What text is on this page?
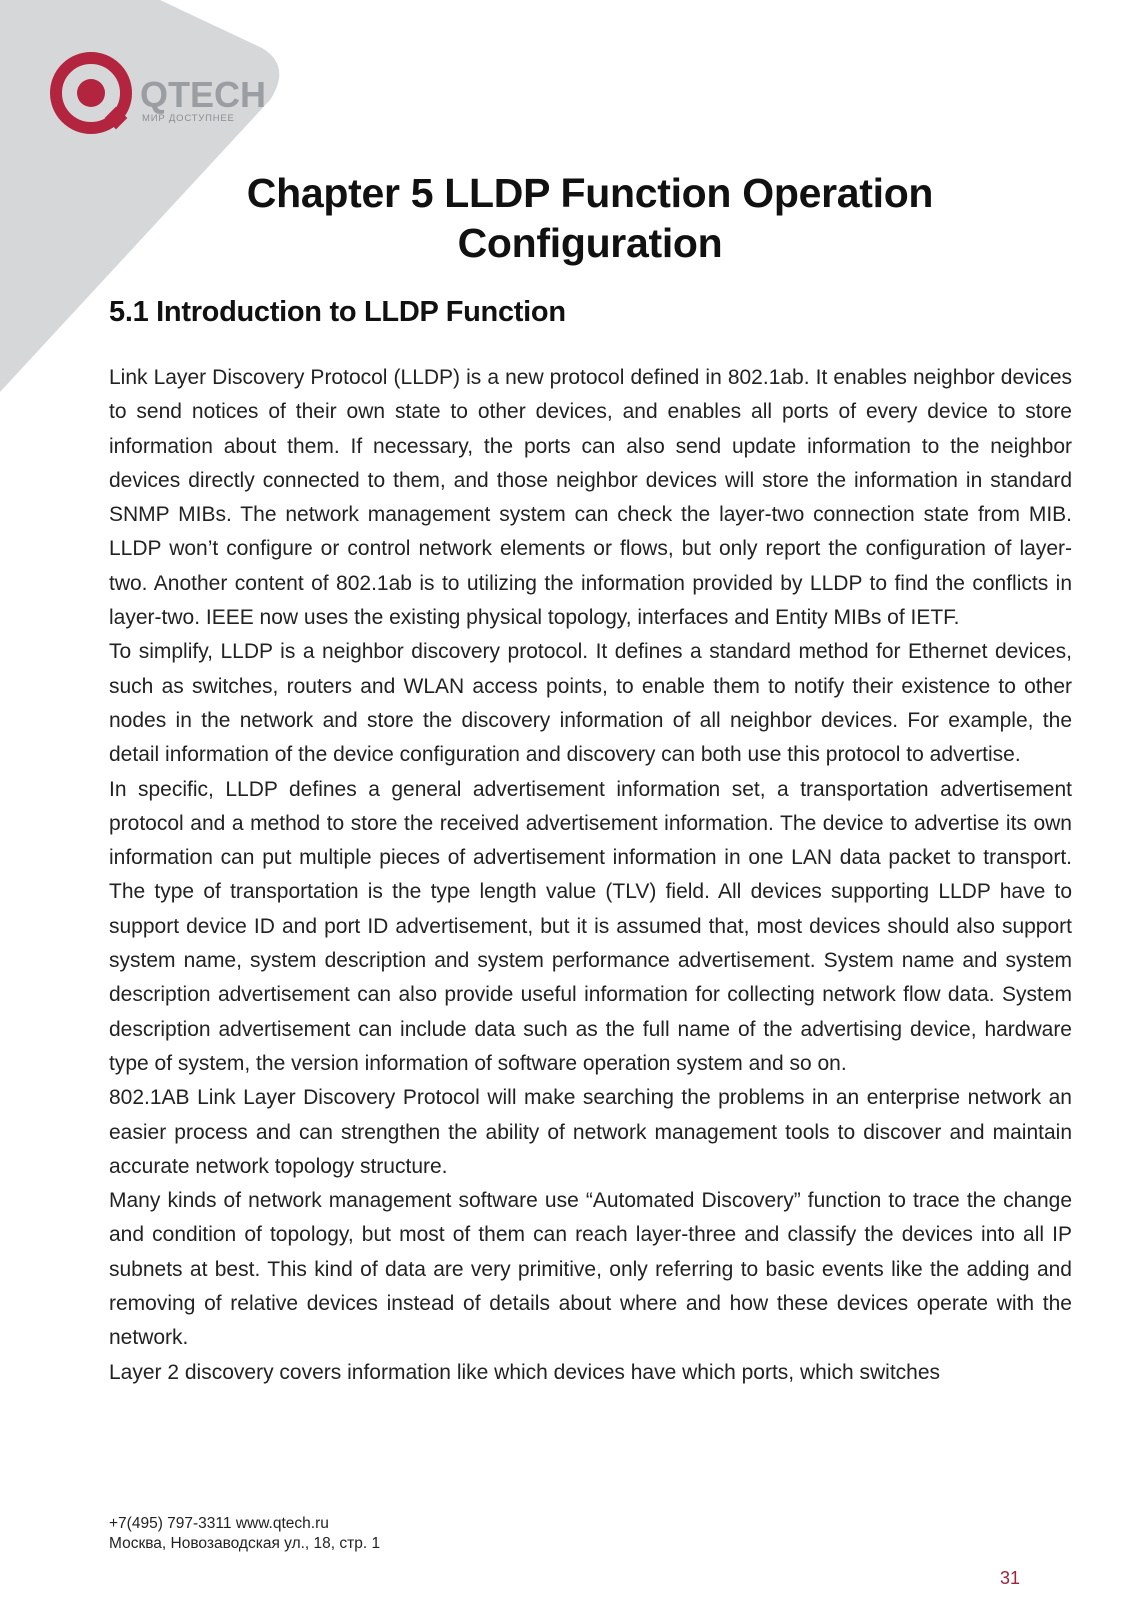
QTECH
МИР ДОСТУПНЕЕ
Chapter 5 LLDP Function Operation Configuration
5.1 Introduction to LLDP Function

Link Layer Discovery Protocol (LLDP) is a new protocol defined in 802.1ab. It enables neighbor devices to send notices of their own state to other devices, and enables all ports of every device to store information about them. If necessary, the ports can also send update information to the neighbor devices directly connected to them, and those neighbor devices will store the information in standard SNMP MIBs. The network management system can check the layer-two connection state from MIB. LLDP won’t configure or control network elements or flows, but only report the configuration of layer-two. Another content of 802.1ab is to utilizing the information provided by LLDP to find the conflicts in layer-two. IEEE now uses the existing physical topology, interfaces and Entity MIBs of IETF.

To simplify, LLDP is a neighbor discovery protocol. It defines a standard method for Ethernet devices, such as switches, routers and WLAN access points, to enable them to notify their existence to other nodes in the network and store the discovery information of all neighbor devices. For example, the detail information of the device configuration and discovery can both use this protocol to advertise.

In specific, LLDP defines a general advertisement information set, a transportation advertisement protocol and a method to store the received advertisement information. The device to advertise its own information can put multiple pieces of advertisement information in one LAN data packet to transport. The type of transportation is the type length value (TLV) field. All devices supporting LLDP have to support device ID and port ID advertisement, but it is assumed that, most devices should also support system name, system description and system performance advertisement. System name and system description advertisement can also provide useful information for collecting network flow data. System description advertisement can include data such as the full name of the advertising device, hardware type of system, the version information of software operation system and so on.

802.1AB Link Layer Discovery Protocol will make searching the problems in an enterprise network an easier process and can strengthen the ability of network management tools to discover and maintain accurate network topology structure.

Many kinds of network management software use “Automated Discovery” function to trace the change and condition of topology, but most of them can reach layer-three and classify the devices into all IP subnets at best. This kind of data are very primitive, only referring to basic events like the adding and removing of relative devices instead of details about where and how these devices operate with the network.

Layer 2 discovery covers information like which devices have which ports, which switches

+7(495) 797-3311 www.qtech.ru
Москва, Новозаводская ул., 18, стр. 1
31
